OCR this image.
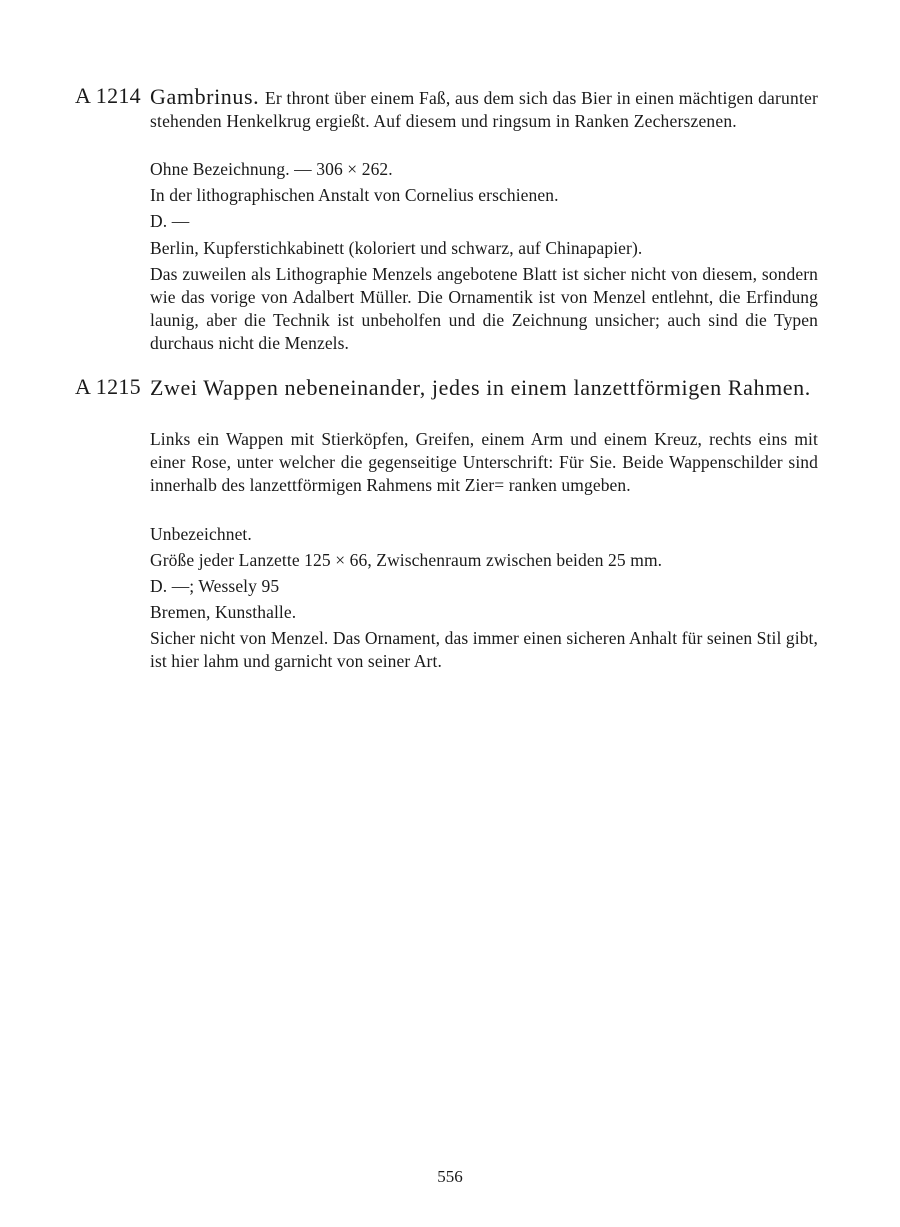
A 1214 Gambrinus. Er thront über einem Faß, aus dem sich das Bier in einen mächtigen darunter stehenden Henkelkrug ergießt. Auf diesem und ringsum in Ranken Zecherszenen.

Ohne Bezeichnung. — 306 × 262.

In der lithographischen Anstalt von Cornelius erschienen.

D. —

Berlin, Kupferstichkabinett (koloriert und schwarz, auf Chinapapier).

Das zuweilen als Lithographie Menzels angebotene Blatt ist sicher nicht von diesem, sondern wie das vorige von Adalbert Müller. Die Ornamentik ist von Menzel entlehnt, die Erfindung launig, aber die Technik ist unbeholfen und die Zeichnung unsicher; auch sind die Typen durchaus nicht die Menzels.

A 1215 Zwei Wappen nebeneinander, jedes in einem lanzettförmigen Rahmen.

Links ein Wappen mit Stierköpfen, Greifen, einem Arm und einem Kreuz, rechts eins mit einer Rose, unter welcher die gegenseitige Unterschrift: Für Sie. Beide Wappenschilder sind innerhalb des lanzettförmigen Rahmens mit Zier= ranken umgeben.

Unbezeichnet.

Größe jeder Lanzette 125 × 66, Zwischenraum zwischen beiden 25 mm.

D. —; Wessely 95

Bremen, Kunsthalle.

Sicher nicht von Menzel. Das Ornament, das immer einen sicheren Anhalt für seinen Stil gibt, ist hier lahm und garnicht von seiner Art.

556
